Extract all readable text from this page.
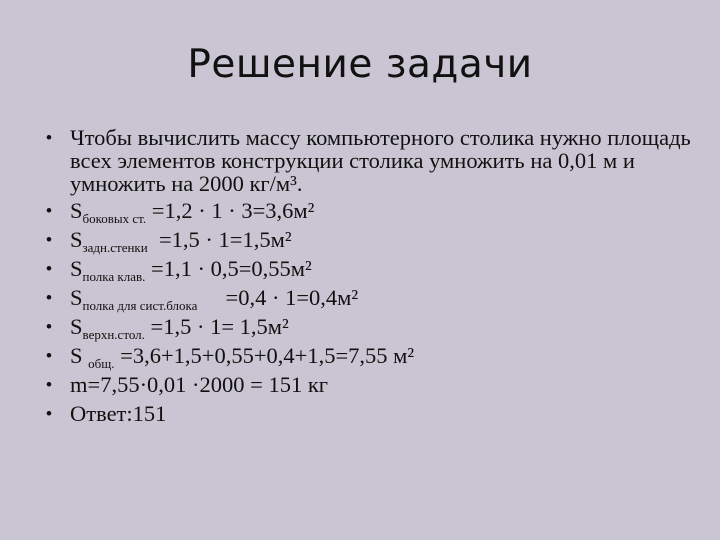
Решение задачи
• Чтобы вычислить массу компьютерного столика нужно площадь всех элементов конструкции столика умножить на 0,01 м и умножить на 2000 кг/м³.
• $S_{боковых ст.} =1,2 \cdot 1 \cdot 3=3,6м^2$
• $S_{задн.стенки} =1,5 \cdot 1=1,5м^2$
• $S_{полка клав.} =1,1 \cdot 0,5=0,55м^2$
• $S_{полка для сист.блока}$     =0,4 · 1=0,4м²
• $S_{верхн.стол.} =1,5 \cdot 1= 1,5м^2$
• S $_{общ.}$ =3,6+1,5+0,55+0,4+1,5=7,55 м²
• m=7,55·0,01 ·2000 = 151 кг
• Ответ:151
